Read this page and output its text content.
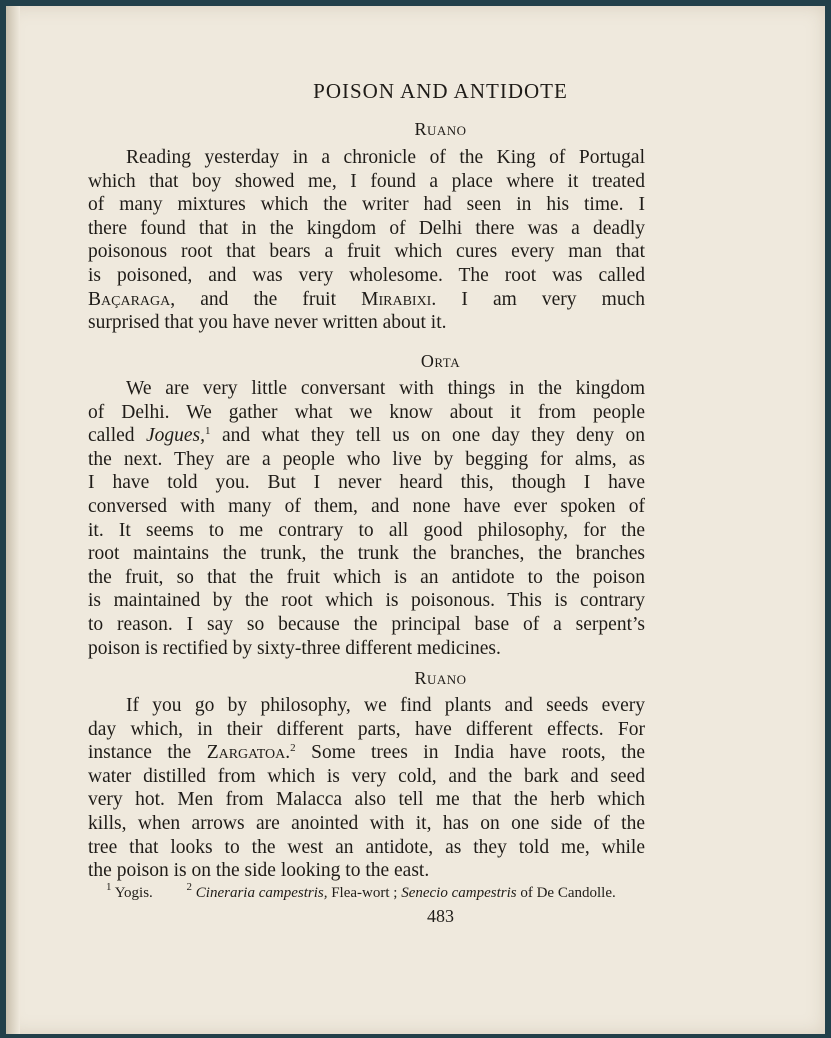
POISON AND ANTIDOTE
Ruano
Reading yesterday in a chronicle of the King of Portugal
which that boy showed me, I found a place where it treated
of many mixtures which the writer had seen in his time. I
there found that in the kingdom of Delhi there was a deadly
poisonous root that bears a fruit which cures every man that
is poisoned, and was very wholesome. The root was called
Baçaraga, and the fruit Mirabixi. I am very much
surprised that you have never written about it.
Orta
We are very little conversant with things in the kingdom
of Delhi. We gather what we know about it from people
called Jogues,$^1$ and what they tell us on one day they deny on
the next. They are a people who live by begging for alms, as
I have told you. But I never heard this, though I have
conversed with many of them, and none have ever spoken of
it. It seems to me contrary to all good philosophy, for the
root maintains the trunk, the trunk the branches, the branches
the fruit, so that the fruit which is an antidote to the poison
is maintained by the root which is poisonous. This is contrary
to reason. I say so because the principal base of a serpent’s
poison is rectified by sixty-three different medicines.
Ruano
If you go by philosophy, we find plants and seeds every
day which, in their different parts, have different effects. For
instance the Zargatoa.$^2$ Some trees in India have roots, the
water distilled from which is very cold, and the bark and seed
very hot. Men from Malacca also tell me that the herb which
kills, when arrows are anointed with it, has on one side of the
tree that looks to the west an antidote, as they told me, while
the poison is on the side looking to the east.
$^1$ Yogis.	$^2$ Cineraria campestris, Flea-wort ; Senecio campestris of De Candolle.
483
